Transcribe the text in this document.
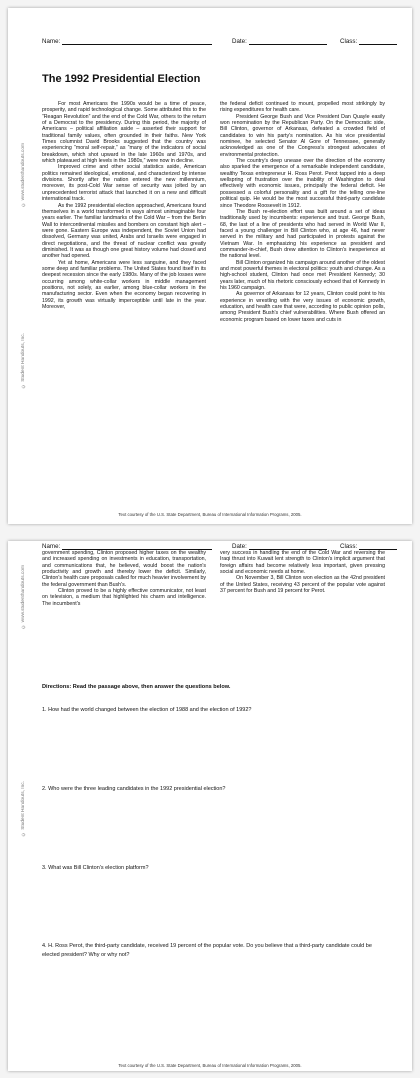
Name:	Date:	Class:
The 1992 Presidential Election
© www.studenthandouts.com
© Student Handouts, Inc.

For most Americans the 1990s would be a time of peace, prosperity, and rapid technological change. Some attributed this to the “Reagan Revolution” and the end of the Cold War, others to the return of a Democrat to the presidency. During this period, the majority of Americans – political affiliation aside – asserted their support for traditional family values, often grounded in their faiths. New York Times columnist David Brooks suggested that the country was experiencing “moral self-repair,” as “many of the indicators of social breakdown, which shot upward in the late 1960s and 1970s, and which plateaued at high levels in the 1980s,” were now in decline.

Improved crime and other social statistics aside, American politics remained ideological, emotional, and characterized by intense divisions. Shortly after the nation entered the new millennium, moreover, its post-Cold War sense of security was jolted by an unprecedented terrorist attack that launched it on a new and difficult international track.

As the 1992 presidential election approached, Americans found themselves in a world transformed in ways almost unimaginable four years earlier. The familiar landmarks of the Cold War – from the Berlin Wall to intercontinental missiles and bombers on constant high alert – were gone. Eastern Europe was independent, the Soviet Union had dissolved, Germany was united, Arabs and Israelis were engaged in direct negotiations, and the threat of nuclear conflict was greatly diminished. It was as though one great history volume had closed and another had opened.

Yet at home, Americans were less sanguine, and they faced some deep and familiar problems. The United States found itself in its deepest recession since the early 1980s. Many of the job losses were occurring among white-collar workers in middle management positions, not solely, as earlier, among blue-collar workers in the manufacturing sector. Even when the economy began recovering in 1992, its growth was virtually imperceptible until late in the year. Moreover,

the federal deficit continued to mount, propelled most strikingly by rising expenditures for health care.

President George Bush and Vice President Dan Quayle easily won renomination by the Republican Party. On the Democratic side, Bill Clinton, governor of Arkansas, defeated a crowded field of candidates to win his party's nomination. As his vice presidential nominee, he selected Senator Al Gore of Tennessee, generally acknowledged as one of the Congress's strongest advocates of environmental protection.

The country's deep unease over the direction of the economy also sparked the emergence of a remarkable independent candidate, wealthy Texas entrepreneur H. Ross Perot. Perot tapped into a deep wellspring of frustration over the inability of Washington to deal effectively with economic issues, principally the federal deficit. He possessed a colorful personality and a gift for the telling one-line political quip. He would be the most successful third-party candidate since Theodore Roosevelt in 1912.

The Bush re-election effort was built around a set of ideas traditionally used by incumbents: experience and trust. George Bush, 68, the last of a line of presidents who had served in World War II, faced a young challenger in Bill Clinton who, at age 46, had never served in the military and had participated in protests against the Vietnam War. In emphasizing his experience as president and commander-in-chief, Bush drew attention to Clinton's inexperience at the national level.

Bill Clinton organized his campaign around another of the oldest and most powerful themes in electoral politics: youth and change. As a high-school student, Clinton had once met President Kennedy; 30 years later, much of his rhetoric consciously echoed that of Kennedy in his 1960 campaign.

As governor of Arkansas for 12 years, Clinton could point to his experience in wrestling with the very issues of economic growth, education, and health care that were, according to public opinion polls, among President Bush's chief vulnerabilities. Where Bush offered an economic program based on lower taxes and cuts in

Text courtesy of the U.S. State Department, Bureau of International Information Programs, 2005.
Name:	Date:	Class:
© www.studenthandouts.com
© Student Handouts, Inc.

government spending, Clinton proposed higher taxes on the wealthy and increased spending on investments in education, transportation, and communications that, he believed, would boost the nation's productivity and growth and thereby lower the deficit. Similarly, Clinton's health care proposals called for much heavier involvement by the federal government than Bush's.

Clinton proved to be a highly effective communicator, not least on television, a medium that highlighted his charm and intelligence. The incumbent's

very success in handling the end of the Cold War and reversing the Iraqi thrust into Kuwait lent strength to Clinton's implicit argument that foreign affairs had become relatively less important, given pressing social and economic needs at home.

On November 3, Bill Clinton won election as the 42nd president of the United States, receiving 43 percent of the popular vote against 37 percent for Bush and 19 percent for Perot.

Directions: Read the passage above, then answer the questions below.
1. How had the world changed between the election of 1988 and the election of 1992?
2. Who were the three leading candidates in the 1992 presidential election?
3. What was Bill Clinton's election platform?
4. H. Ross Perot, the third-party candidate, received 19 percent of the popular vote. Do you believe that a third-party candidate could be elected president? Why or why not?
Text courtesy of the U.S. State Department, Bureau of International Information Programs, 2005.
